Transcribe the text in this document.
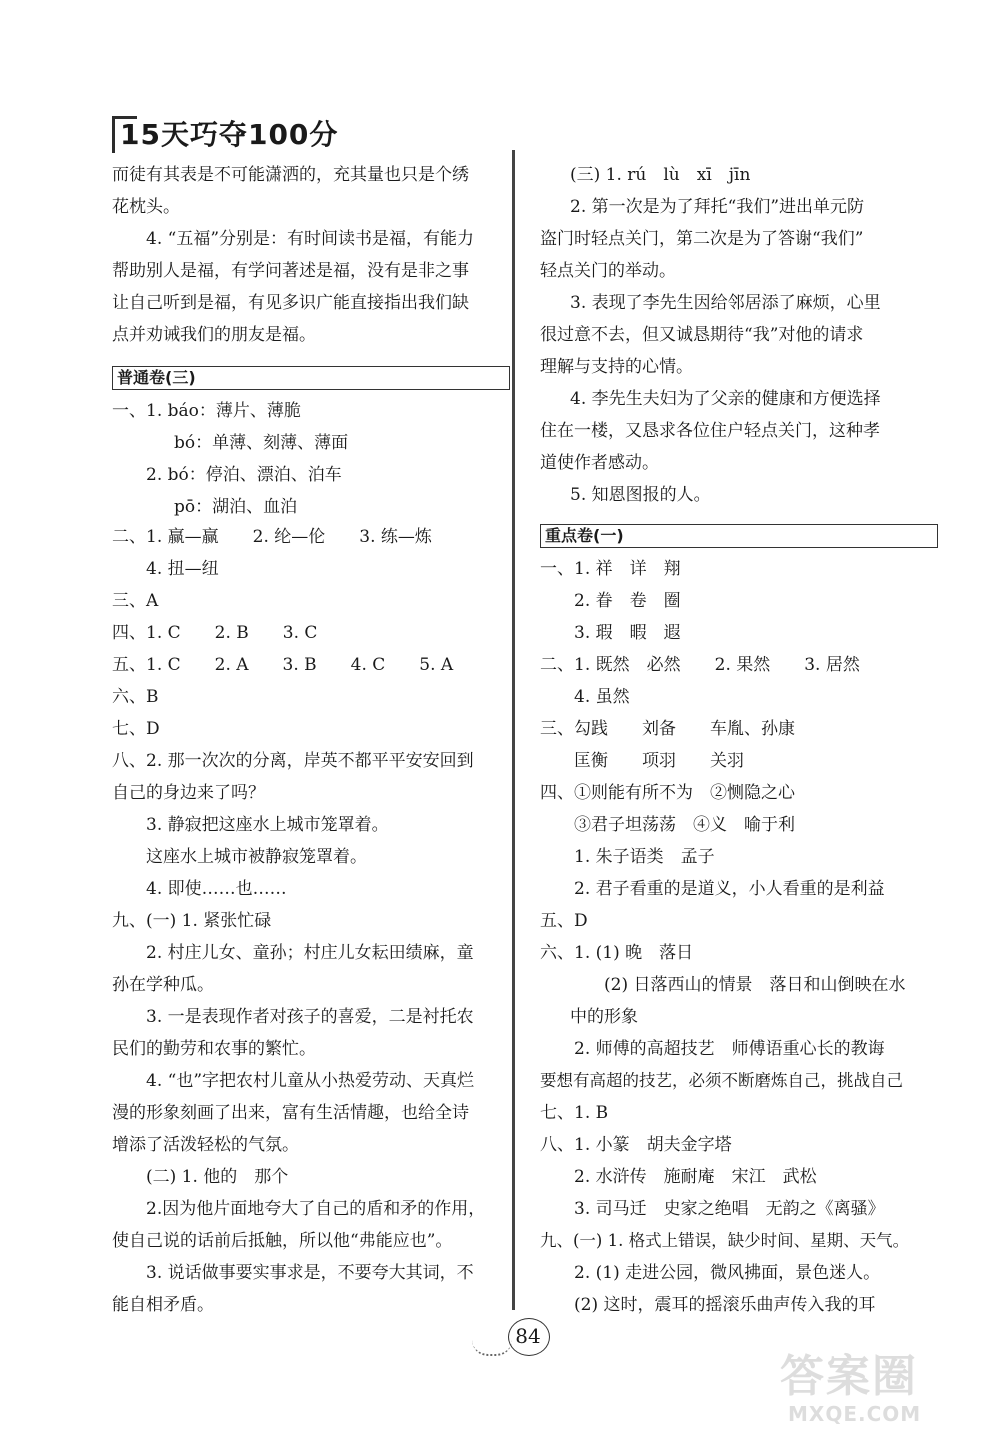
15天巧夺100分
而徒有其表是不可能潇洒的，充其量也只是个绣
花枕头。
4. “五福”分别是：有时间读书是福，有能力
帮助别人是福，有学问著述是福，没有是非之事
让自己听到是福，有见多识广能直接指出我们缺
点并劝诫我们的朋友是福。
普通卷(三)
一、1. báo：薄片、薄脆
bó：单薄、刻薄、薄面
2. bó：停泊、漂泊、泊车
pō：湖泊、血泊
二、1. 赢—赢　　2. 纶—伦　　3. 练—炼
4. 扭—纽
三、A
四、1. C　　2. B　　3. C
五、1. C　　2. A　　3. B　　4. C　　5. A
六、B
七、D
八、2. 那一次次的分离，岸英不都平平安安回到
自己的身边来了吗？
3. 静寂把这座水上城市笼罩着。
这座水上城市被静寂笼罩着。
4. 即使……也……
九、(一) 1. 紧张忙碌
2. 村庄儿女、童孙；村庄儿女耘田绩麻，童
孙在学种瓜。
3. 一是表现作者对孩子的喜爱，二是衬托农
民们的勤劳和农事的繁忙。
4. “也”字把农村儿童从小热爱劳动、天真烂
漫的形象刻画了出来，富有生活情趣，也给全诗
增添了活泼轻松的气氛。
(二) 1. 他的　那个
2.因为他片面地夸大了自己的盾和矛的作用，
使自己说的话前后抵触，所以他“弗能应也”。
3. 说话做事要实事求是，不要夸大其词，不
能自相矛盾。
(三) 1. rú　lù　xī　jīn
2. 第一次是为了拜托“我们”进出单元防
盗门时轻点关门，第二次是为了答谢“我们”
轻点关门的举动。
3. 表现了李先生因给邻居添了麻烦，心里
很过意不去，但又诚恳期待“我”对他的请求
理解与支持的心情。
4. 李先生夫妇为了父亲的健康和方便选择
住在一楼，又恳求各位住户轻点关门，这种孝
道使作者感动。
5. 知恩图报的人。
重点卷(一)
一、1. 祥　详　翔
2. 眷　卷　圈
3. 瑕　暇　遐
二、1. 既然　必然　　2. 果然　　3. 居然
4. 虽然
三、勾践　　刘备　　车胤、孙康
匡衡　　项羽　　关羽
四、①则能有所不为　②恻隐之心
③君子坦荡荡　④义　喻于利
1. 朱子语类　孟子
2. 君子看重的是道义，小人看重的是利益
五、D
六、1. (1) 晚　落日
(2) 日落西山的情景　落日和山倒映在水
中的形象
2. 师傅的高超技艺　师傅语重心长的教诲
要想有高超的技艺，必须不断磨炼自己，挑战自己
七、1. B
八、1. 小篆　胡夫金字塔
2. 水浒传　施耐庵　宋江　武松
3. 司马迁　史家之绝唱　无韵之《离骚》
九、(一) 1. 格式上错误，缺少时间、星期、天气。
2. (1) 走进公园，微风拂面，景色迷人。
(2) 这时，震耳的摇滚乐曲声传入我的耳
84
答案圈
MXQE.COM
